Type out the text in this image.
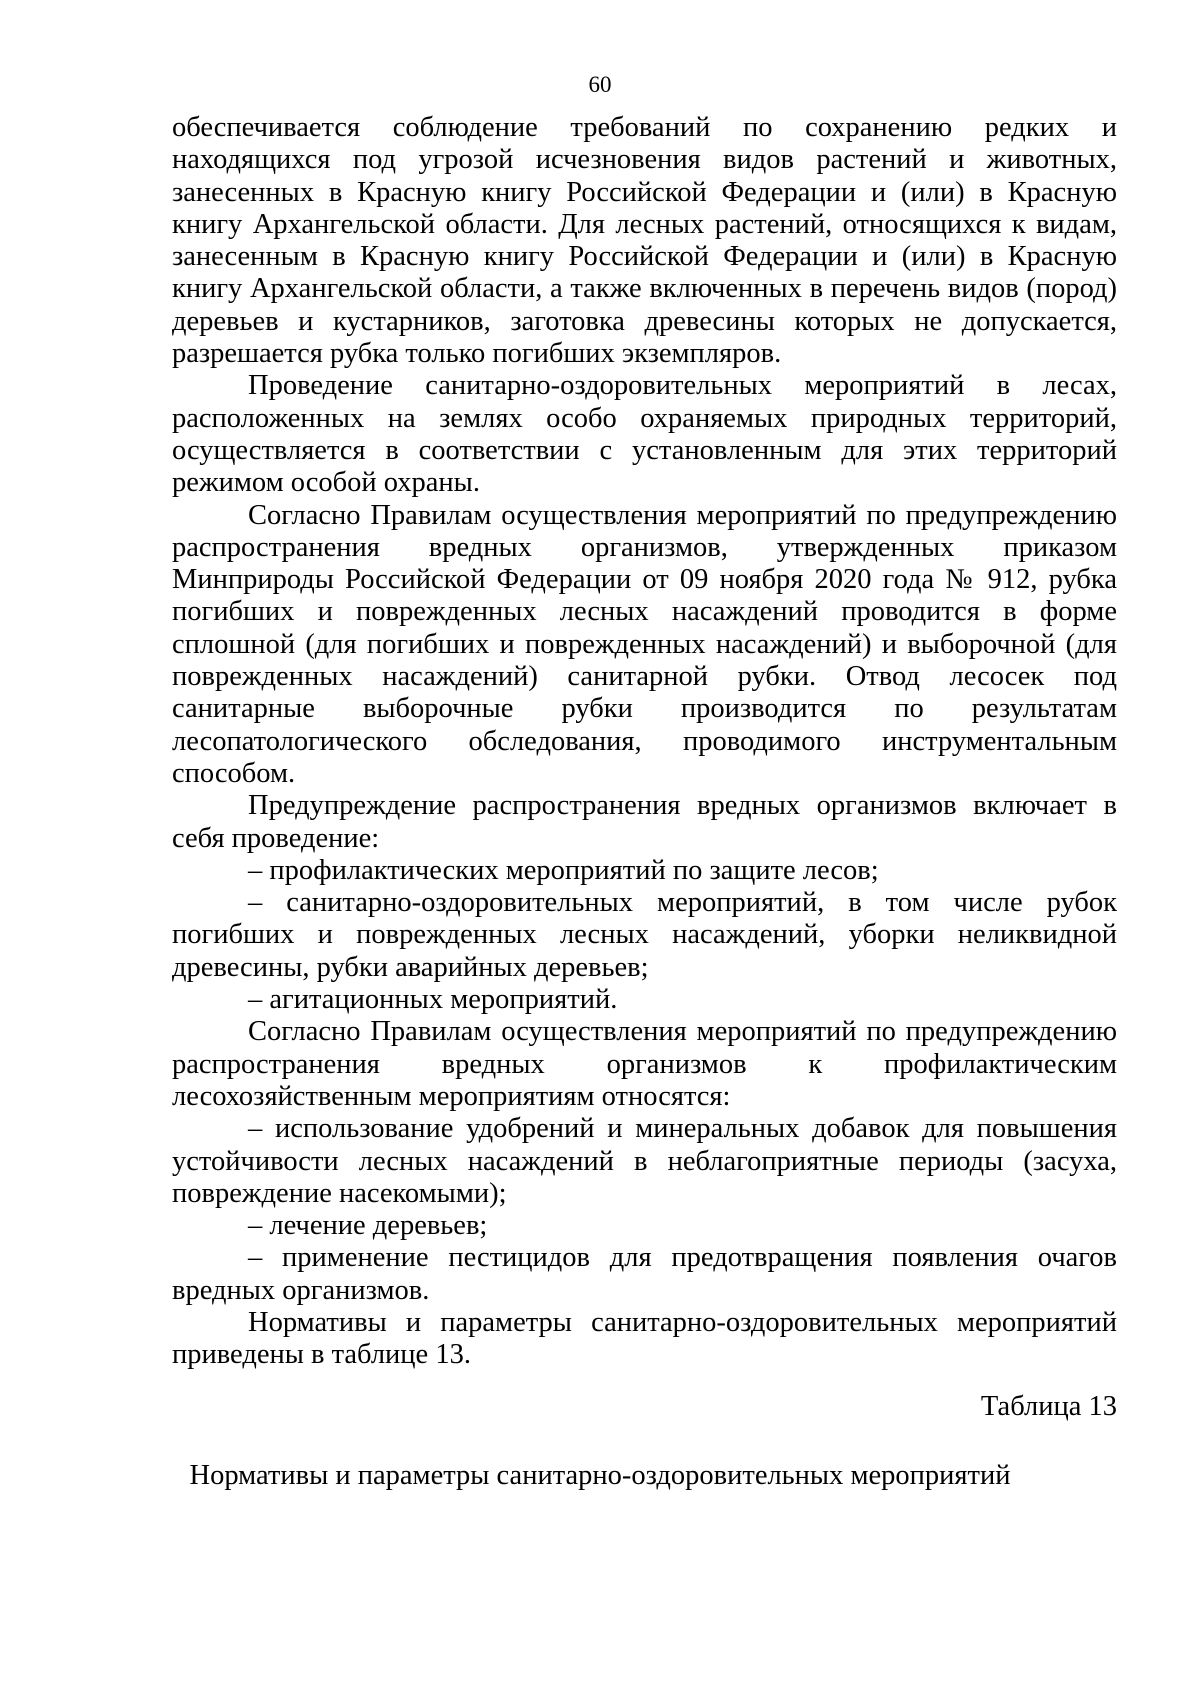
60

обеспечивается соблюдение требований по сохранению редких и находящихся под угрозой исчезновения видов растений и животных, занесенных в Красную книгу Российской Федерации и (или) в Красную книгу Архангельской области. Для лесных растений, относящихся к видам, занесенным в Красную книгу Российской Федерации и (или) в Красную книгу Архангельской области, а также включенных в перечень видов (пород) деревьев и кустарников, заготовка древесины которых не допускается, разрешается рубка только погибших экземпляров.

Проведение санитарно-оздоровительных мероприятий в лесах, расположенных на землях особо охраняемых природных территорий, осуществляется в соответствии с установленным для этих территорий режимом особой охраны.

Согласно Правилам осуществления мероприятий по предупреждению распространения вредных организмов, утвержденных приказом Минприроды Российской Федерации от 09 ноября 2020 года № 912, рубка погибших и поврежденных лесных насаждений проводится в форме сплошной (для погибших и поврежденных насаждений) и выборочной (для поврежденных насаждений) санитарной рубки. Отвод лесосек под санитарные выборочные рубки производится по результатам лесопатологического обследования, проводимого инструментальным способом.

Предупреждение распространения вредных организмов включает в себя проведение:

– профилактических мероприятий по защите лесов;

– санитарно-оздоровительных мероприятий, в том числе рубок погибших и поврежденных лесных насаждений, уборки неликвидной древесины, рубки аварийных деревьев;

– агитационных мероприятий.

Согласно Правилам осуществления мероприятий по предупреждению распространения вредных организмов к профилактическим лесохозяйственным мероприятиям относятся:

– использование удобрений и минеральных добавок для повышения устойчивости лесных насаждений в неблагоприятные периоды (засуха, повреждение насекомыми);

– лечение деревьев;

– применение пестицидов для предотвращения появления очагов вредных организмов.

Нормативы и параметры санитарно-оздоровительных мероприятий приведены в таблице 13.

Таблица 13
Нормативы и параметры санитарно-оздоровительных мероприятий
